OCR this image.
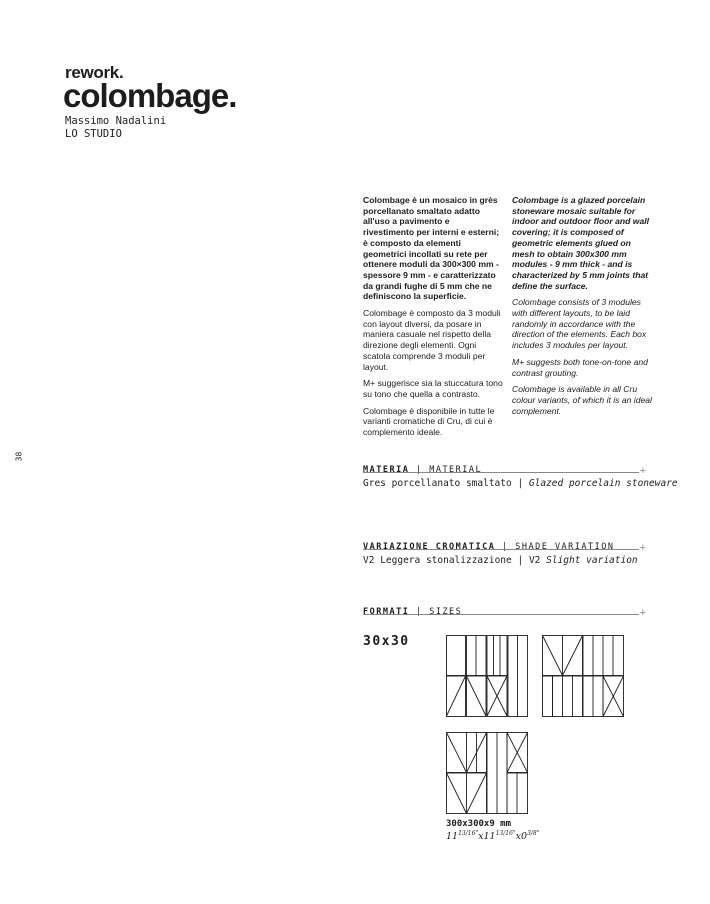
rework.
colombage.
Massimo Nadalini
LO STUDIO
38

Colombage è un mosaico in grès porcellanato smaltato adatto all'uso a pavimento e rivestimento per interni e esterni; è composto da elementi geometrici incollati su rete per ottenere moduli da 300×300 mm - spessore 9 mm - e caratterizzato da grandi fughe di 5 mm che ne definiscono la superficie.

Colombage è composto da 3 moduli con layout diversi, da posare in maniera casuale nel rispetto della direzione degli elementi. Ogni scatola comprende 3 moduli per layout.

M+ suggerisce sia la stuccatura tono su tono che quella a contrasto.

Colombage è disponibile in tutte le varianti cromatiche di Cru, di cui è complemento ideale.

Colombage is a glazed porcelain stoneware mosaic suitable for indoor and outdoor floor and wall covering; it is composed of geometric elements glued on mesh to obtain 300x300 mm modules - 9 mm thick - and is characterized by 5 mm joints that define the surface.

Colombage consists of 3 modules with different layouts, to be laid randomly in accordance with the direction of the elements. Each box includes 3 modules per layout.

M+ suggests both tone-on-tone and contrast grouting.

Colombage is available in all Cru colour variants, of which it is an ideal complement.

MATERIA | MATERIAL	+
Gres porcellanato smaltato | Glazed porcelain stoneware
VARIAZIONE CROMATICA | SHADE VARIATION +
V2 Leggera stonalizzazione | V2 Slight variation
FORMATI | SIZES	+
30x30
300x300x9 mm
$11^{13/16"}x11^{13/16"}x0^{3/8"}$
